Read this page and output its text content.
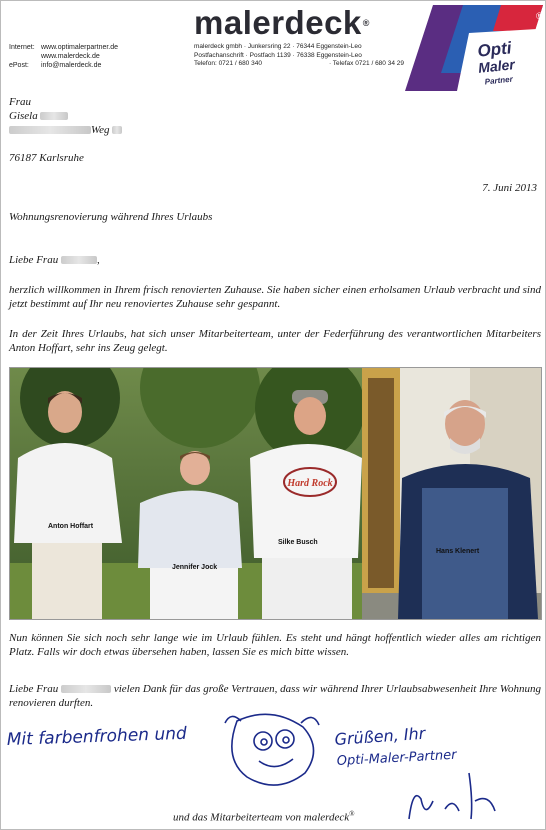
Internet: www.optimalerpartner.de
www.malerdeck.de
ePost:	info@malerdeck.de
malerdeck®
malerdeck gmbh · Junkersring 22 · 76344 Eggenstein-Leo
Postfachanschrift · Postfach 1139 · 76338 Eggenstein-Leo
Telefon: 0721 / 680 340	· Telefax 0721 / 680 34 29
Opti
Maler
Partner
®
Frau
Gisela
Weg
76187 Karlsruhe
7. Juni 2013
Wohnungsrenovierung während Ihres Urlaubs
Liebe Frau	,
herzlich willkommen in Ihrem frisch renovierten Zuhause. Sie haben sicher einen erholsamen Urlaub verbracht und sind jetzt bestimmt auf Ihr neu renoviertes Zuhause sehr gespannt.
In der Zeit Ihres Urlaubs, hat sich unser Mitarbeiterteam, unter der Federführung des verantwortlichen Mitarbeiters Anton Hoffart, sehr ins Zeug gelegt.
Hard Rock
Anton Hoffart
Jennifer Jock
Silke Busch
Hans Klenert
Nun können Sie sich noch sehr lange wie im Urlaub fühlen. Es steht und hängt hoffentlich wieder alles am richtigen Platz. Falls wir doch etwas übersehen haben, lassen Sie es mich bitte wissen.
Liebe Frau	vielen Dank für das große Vertrauen, dass wir während Ihrer Urlaubsabwesenheit Ihre Wohnung renovieren durften.
Mit farbenfrohen und	Grüßen, Ihr
Opti-Maler-Partner
und das Mitarbeiterteam von malerdeck®
